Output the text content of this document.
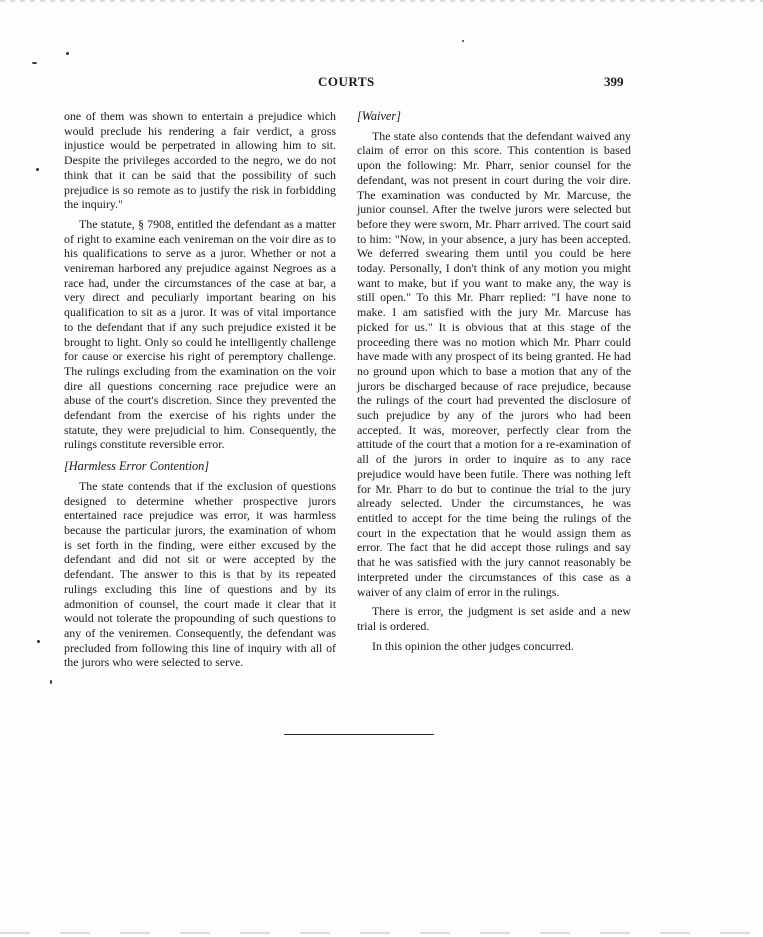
COURTS	399

one of them was shown to entertain a prejudice which would preclude his rendering a fair verdict, a gross injustice would be perpetrated in allowing him to sit. Despite the privileges accorded to the negro, we do not think that it can be said that the possibility of such prejudice is so remote as to justify the risk in forbidding the inquiry."

The statute, § 7908, entitled the defendant as a matter of right to examine each venireman on the voir dire as to his qualifications to serve as a juror. Whether or not a venireman harbored any prejudice against Negroes as a race had, under the circumstances of the case at bar, a very direct and peculiarly important bearing on his qualification to sit as a juror. It was of vital importance to the defendant that if any such prejudice existed it be brought to light. Only so could he intelligently challenge for cause or exercise his right of peremptory challenge. The rulings excluding from the examination on the voir dire all questions concerning race prejudice were an abuse of the court's discretion. Since they prevented the defendant from the exercise of his rights under the statute, they were prejudicial to him. Consequently, the rulings constitute reversible error.

[Harmless Error Contention]

The state contends that if the exclusion of questions designed to determine whether prospective jurors entertained race prejudice was error, it was harmless because the particular jurors, the examination of whom is set forth in the finding, were either excused by the defendant and did not sit or were accepted by the defendant. The answer to this is that by its repeated rulings excluding this line of questions and by its admonition of counsel, the court made it clear that it would not tolerate the propounding of such questions to any of the veniremen. Consequently, the defendant was precluded from following this line of inquiry with all of the jurors who were selected to serve.

[Waiver]

The state also contends that the defendant waived any claim of error on this score. This contention is based upon the following: Mr. Pharr, senior counsel for the defendant, was not present in court during the voir dire. The examination was conducted by Mr. Marcuse, the junior counsel. After the twelve jurors were selected but before they were sworn, Mr. Pharr arrived. The court said to him: "Now, in your absence, a jury has been accepted. We deferred swearing them until you could be here today. Personally, I don't think of any motion you might want to make, but if you want to make any, the way is still open." To this Mr. Pharr replied: "I have none to make. I am satisfied with the jury Mr. Marcuse has picked for us." It is obvious that at this stage of the proceeding there was no motion which Mr. Pharr could have made with any prospect of its being granted. He had no ground upon which to base a motion that any of the jurors be discharged because of race prejudice, because the rulings of the court had prevented the disclosure of such prejudice by any of the jurors who had been accepted. It was, moreover, perfectly clear from the attitude of the court that a motion for a re-examination of all of the jurors in order to inquire as to any race prejudice would have been futile. There was nothing left for Mr. Pharr to do but to continue the trial to the jury already selected. Under the circumstances, he was entitled to accept for the time being the rulings of the court in the expectation that he would assign them as error. The fact that he did accept those rulings and say that he was satisfied with the jury cannot reasonably be interpreted under the circumstances of this case as a waiver of any claim of error in the rulings.

There is error, the judgment is set aside and a new trial is ordered.

In this opinion the other judges concurred.
